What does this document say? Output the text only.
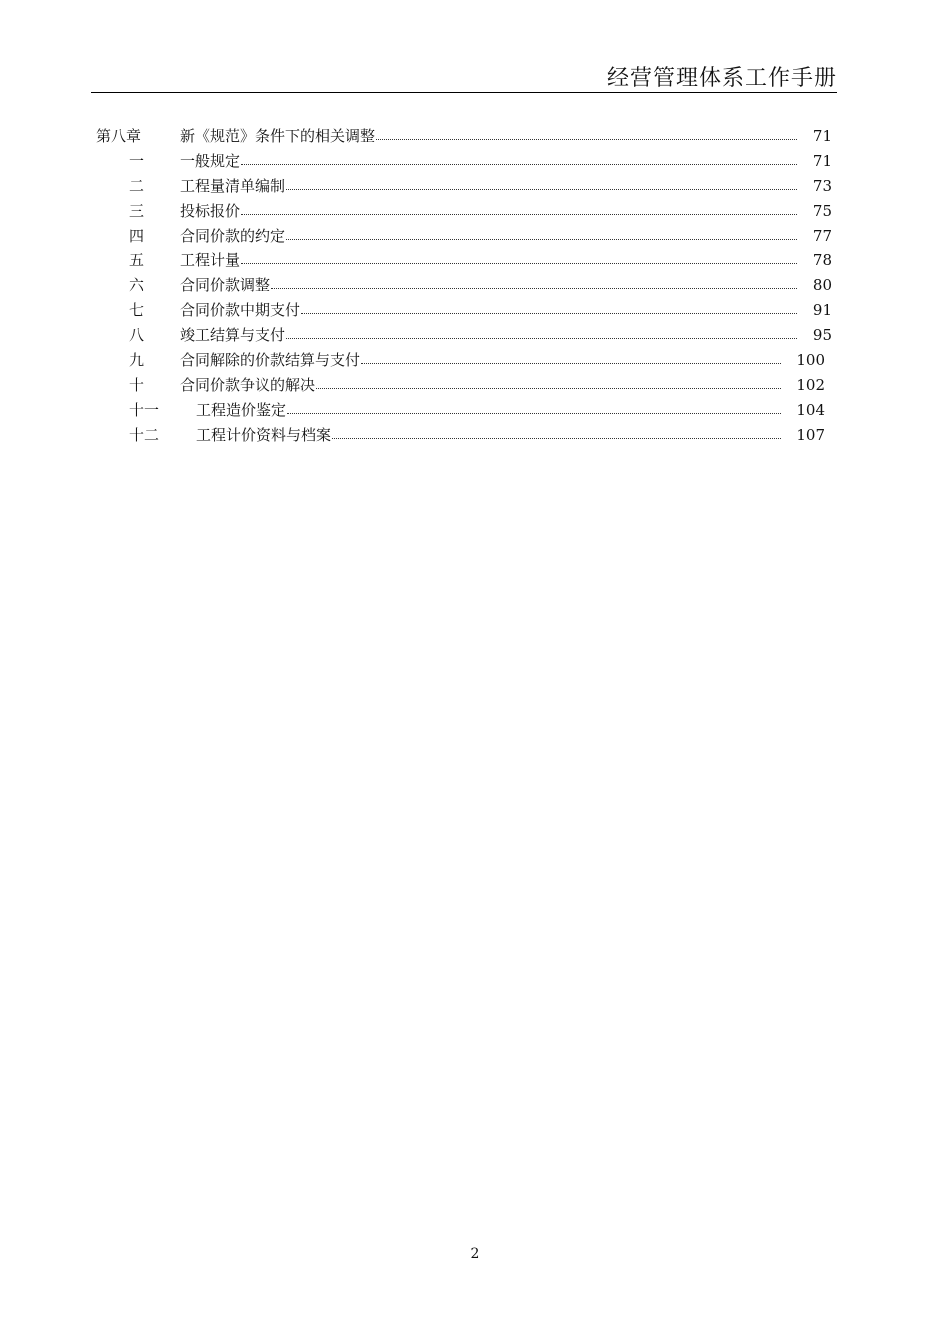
经营管理体系工作手册
第八章	新《规范》条件下的相关调整	71
一 一般规定	71
二 工程量清单编制	73
三 投标报价	75
四 合同价款的约定	77
五 工程计量	78
六 合同价款调整	80
七 合同价款中期支付	91
八 竣工结算与支付	95
九 合同解除的价款结算与支付	100
十 合同价款争议的解决	102
十一 工程造价鉴定	104
十二 工程计价资料与档案	107
2
